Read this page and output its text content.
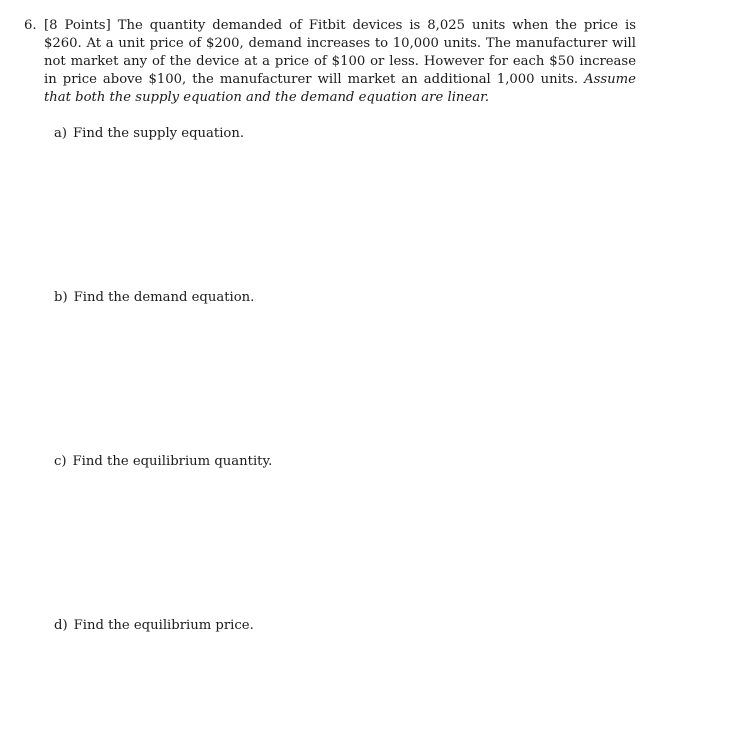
6. [8 Points] The quantity demanded of Fitbit devices is 8,025 units when the price is $260. At a unit price of $200, demand increases to 10,000 units. The manufacturer will not market any of the device at a price of $100 or less. However for each $50 increase in price above $100, the manufacturer will market an additional 1,000 units. Assume that both the supply equation and the demand equation are linear.
a) Find the supply equation.
b) Find the demand equation.
c) Find the equilibrium quantity.
d) Find the equilibrium price.
